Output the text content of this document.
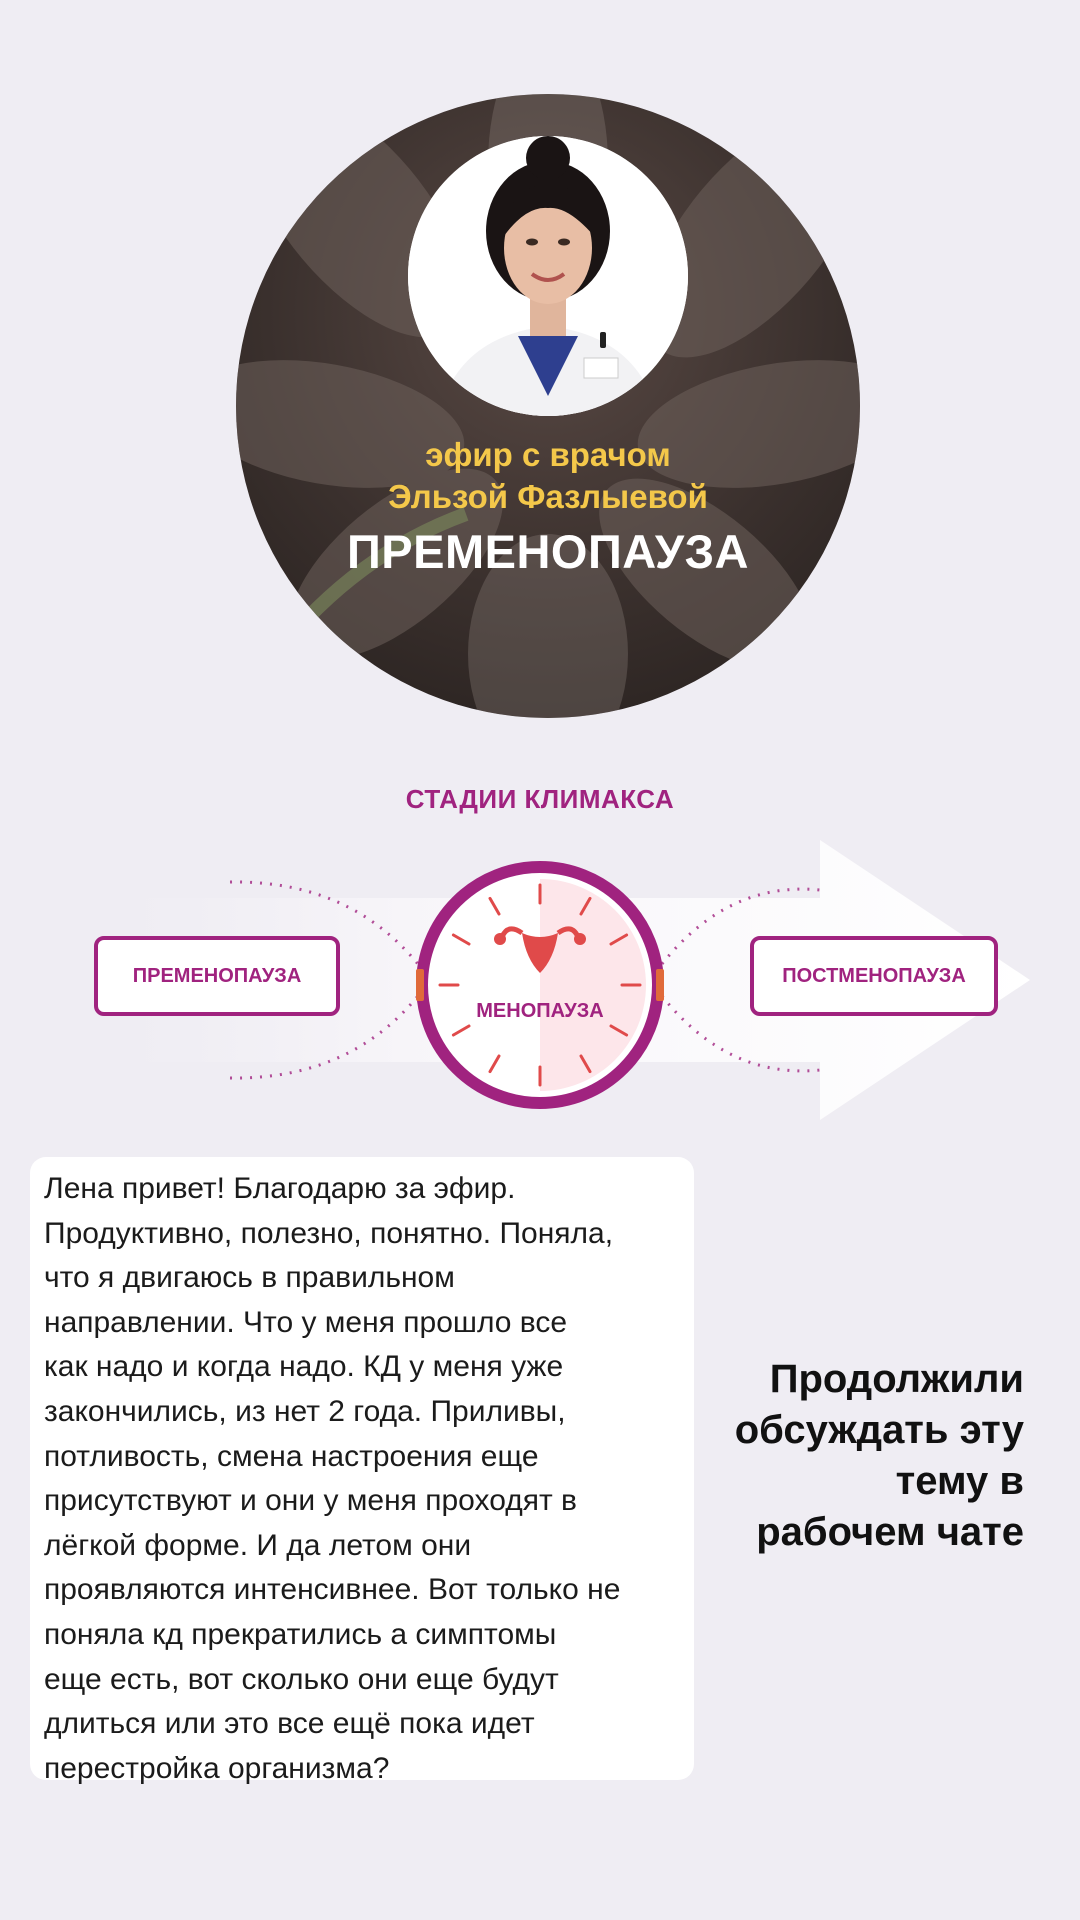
эфир с врачом
Эльзой Фазлыевой
ПРЕМЕНОПАУЗА
СТАДИИ КЛИМАКСА
ПРЕМЕНОПАУЗА
МЕНОПАУЗА
ПОСТМЕНОПАУЗА
Лена привет! Благодарю за эфир.
Продуктивно, полезно, понятно. Поняла,
что я двигаюсь в правильном
направлении. Что у меня прошло все
как надо и когда надо. КД у меня уже
закончились, из нет 2 года. Приливы,
потливость, смена настроения еще
присутствуют и они у меня проходят в
лёгкой форме. И да летом они
проявляются интенсивнее. Вот только не
поняла кд прекратились а симптомы
еще есть, вот сколько они еще будут
длиться или это все ещё пока идет
перестройка организма?
Продолжили
обсуждать эту
тему в
рабочем чате
